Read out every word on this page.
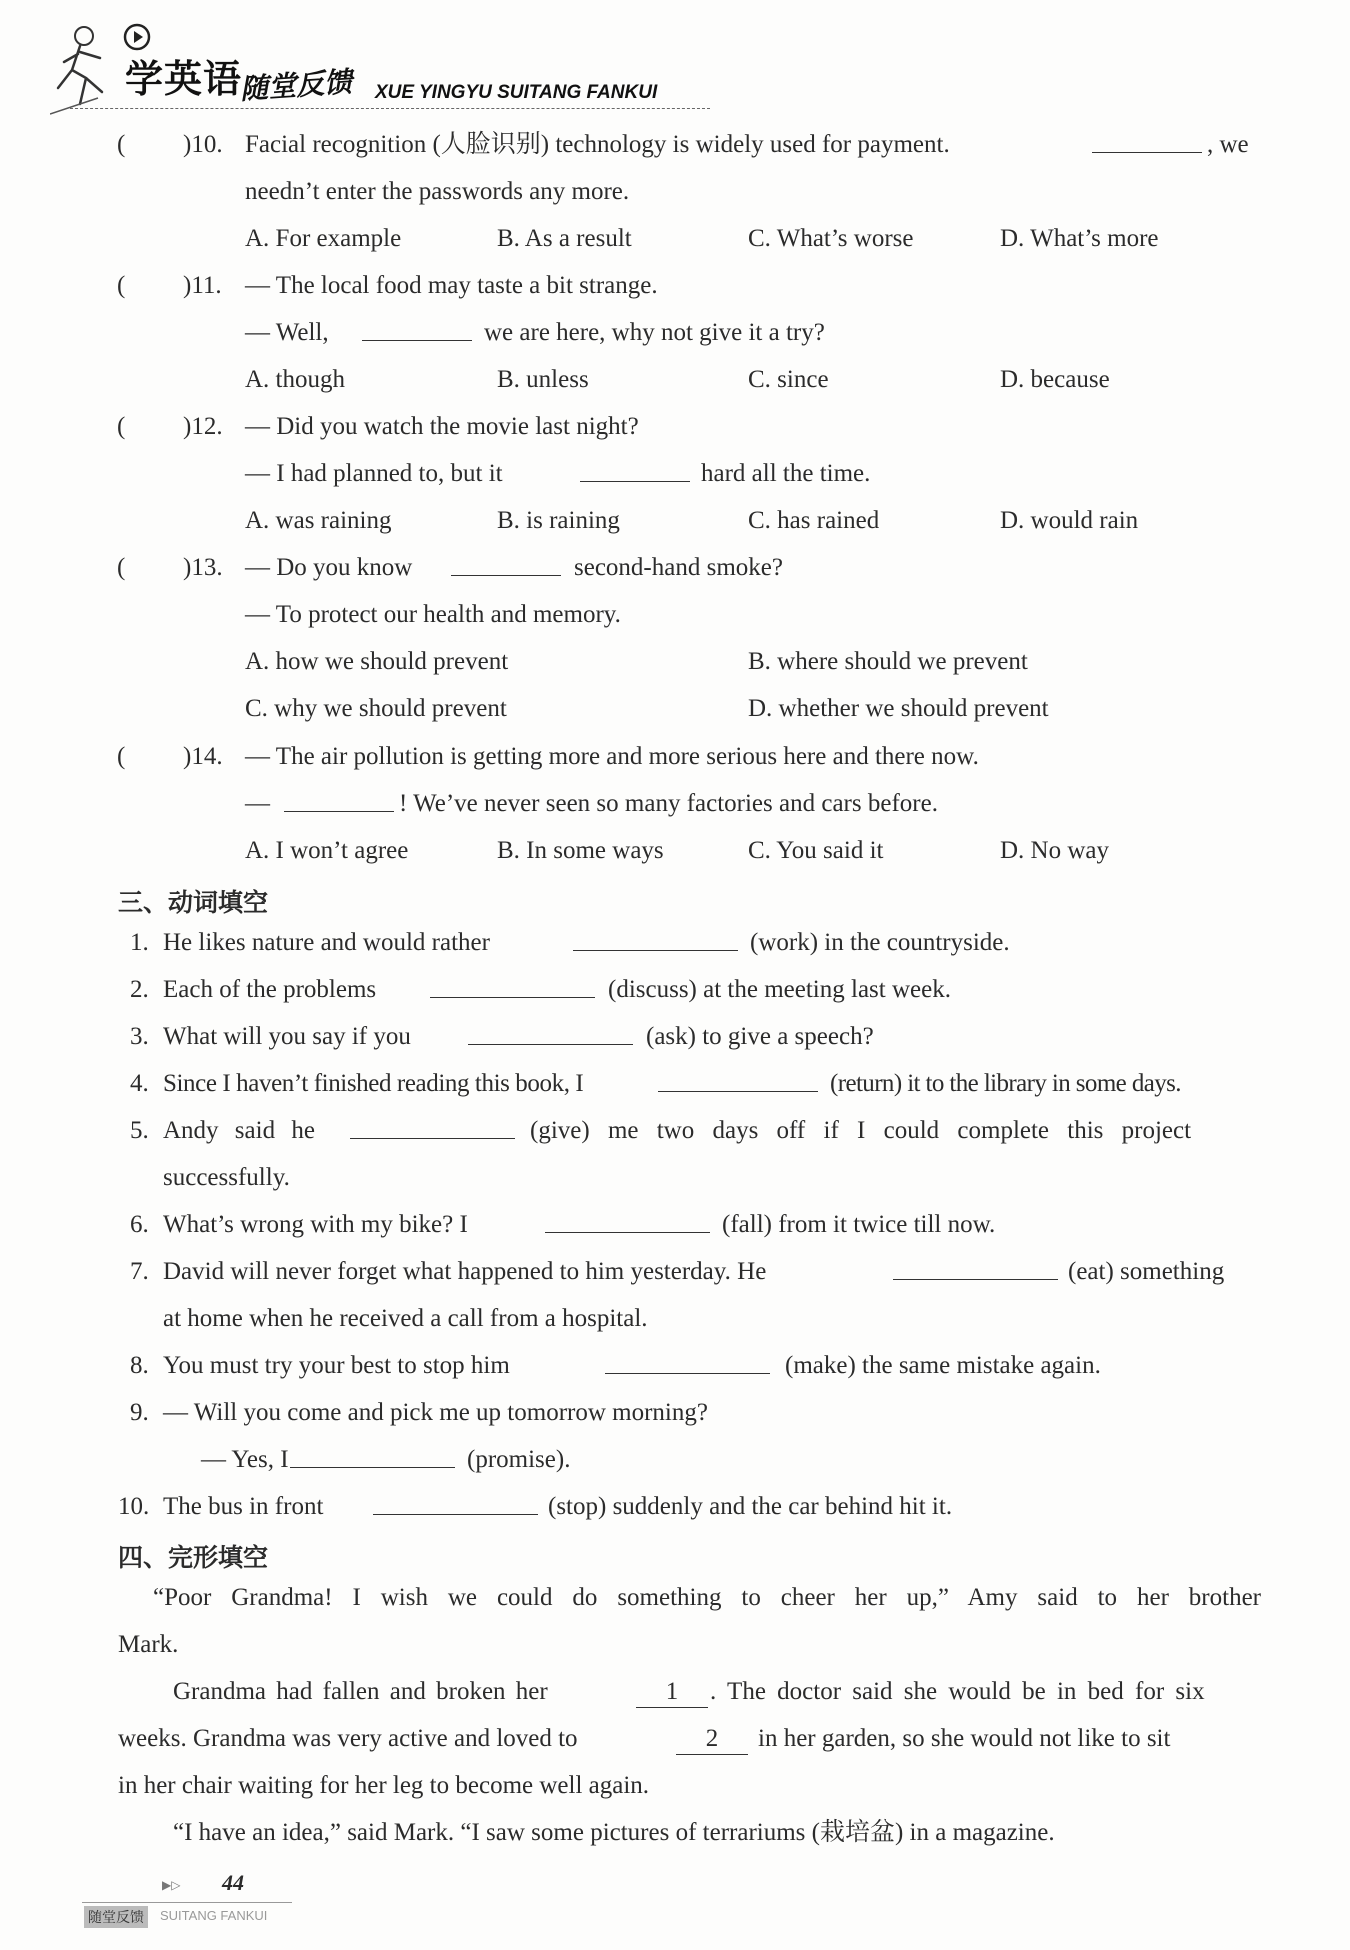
学英语
随堂反馈 XUE YINGYU SUITANG FANKUI
( )10. Facial recognition (人脸识别) technology is widely used for payment.	, we
needn’t enter the passwords any more.
A. For example	B. As a result	C. What’s worse	D. What’s more
( )11. — The local food may taste a bit strange.
— Well,	we are here, why not give it a try?
A. though	B. unless	C. since	D. because
( )12. — Did you watch the movie last night?
— I had planned to, but it	hard all the time.
A. was raining	B. is raining	C. has rained	D. would rain
( )13. — Do you know	second-hand smoke?
— To protect our health and memory.
A. how we should prevent	B. where should we prevent
C. why we should prevent	D. whether we should prevent
( )14. — The air pollution is getting more and more serious here and there now.
—	! We’ve never seen so many factories and cars before.
A. I won’t agree	B. In some ways	C. You said it	D. No way
三、动词填空
1. He likes nature and would rather	(work) in the countryside.
2. Each of the problems	(discuss) at the meeting last week.
3. What will you say if you	(ask) to give a speech?
4. Since I haven’t finished reading this book, I	(return) it to the library in some days.
5. Andy said he	(give) me two days off if I could complete this project
successfully.
6. What’s wrong with my bike? I	(fall) from it twice till now.
7. David will never forget what happened to him yesterday. He	(eat) something
at home when he received a call from a hospital.
8. You must try your best to stop him	(make) the same mistake again.
9. — Will you come and pick me up tomorrow morning?
— Yes, I	(promise).
10. The bus in front	(stop) suddenly and the car behind hit it.
四、完形填空
“Poor Grandma! I wish we could do something to cheer her up,” Amy said to her brother
Mark.
Grandma had fallen and broken her	1	. The doctor said she would be in bed for six
weeks. Grandma was very active and loved to	2	in her garden, so she would not like to sit
in her chair waiting for her leg to become well again.
“I have an idea,” said Mark. “I saw some pictures of terrariums (栽培盆) in a magazine.
▶▷ 44
随堂反馈	SUITANG FANKUI
